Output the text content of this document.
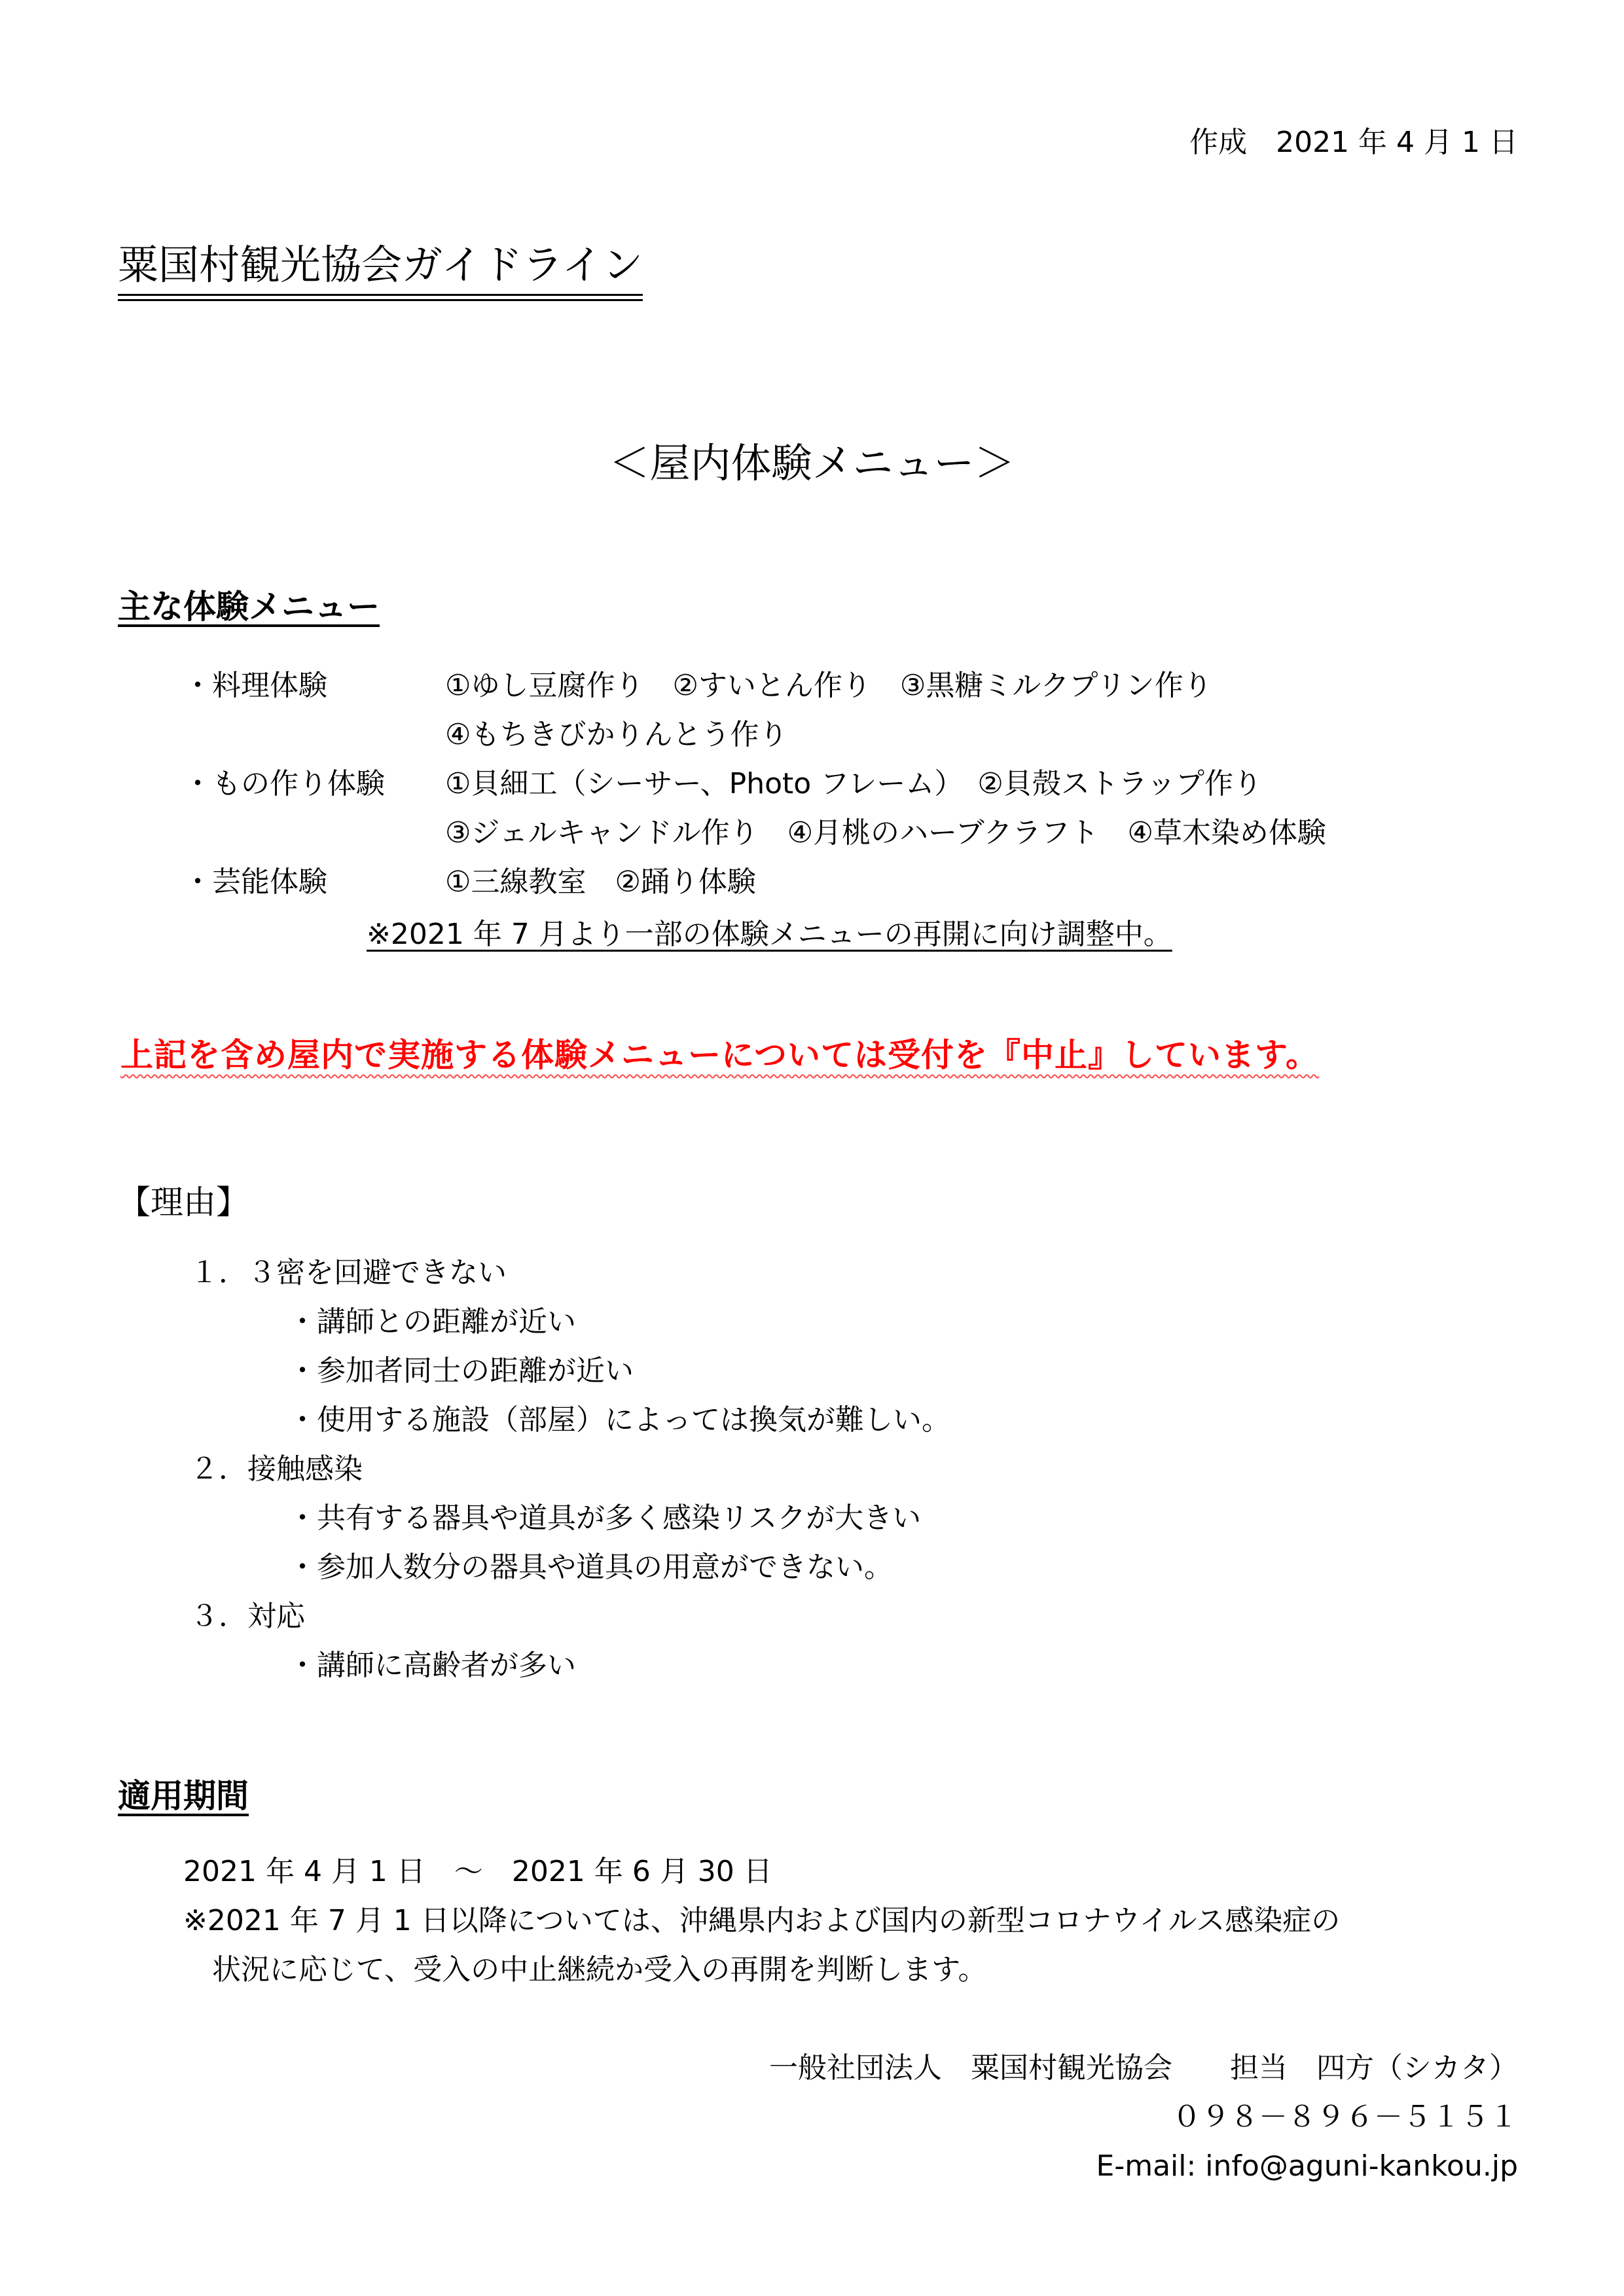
作成　2021 年 4 月 1 日
粟国村観光協会ガイドライン
＜屋内体験メニュー＞
主な体験メニュー
・料理体験	①ゆし豆腐作り　②すいとん作り　③黒糖ミルクプリン作り
④もちきびかりんとう作り
・もの作り体験 ①貝細工（シーサー、Photo フレーム）　②貝殻ストラップ作り
③ジェルキャンドル作り　④月桃のハーブクラフト　④草木染め体験
・芸能体験	①三線教室　②踊り体験
※2021 年 7 月より一部の体験メニューの再開に向け調整中。
上記を含め屋内で実施する体験メニューについては受付を『中止』しています。
【理由】
１．３密を回避できない
・講師との距離が近い
・参加者同士の距離が近い
・使用する施設（部屋）によっては換気が難しい。
２．接触感染
・共有する器具や道具が多く感染リスクが大きい
・参加人数分の器具や道具の用意ができない。
３．対応
・講師に高齢者が多い
適用期間
2021 年 4 月 1 日　～　2021 年 6 月 30 日
※2021 年 7 月 1 日以降については、沖縄県内および国内の新型コロナウイルス感染症の
　状況に応じて、受入の中止継続か受入の再開を判断します。
一般社団法人　粟国村観光協会　　担当　四方（シカタ）
０９８－８９６－５１５１
E-mail: info@aguni-kankou.jp
